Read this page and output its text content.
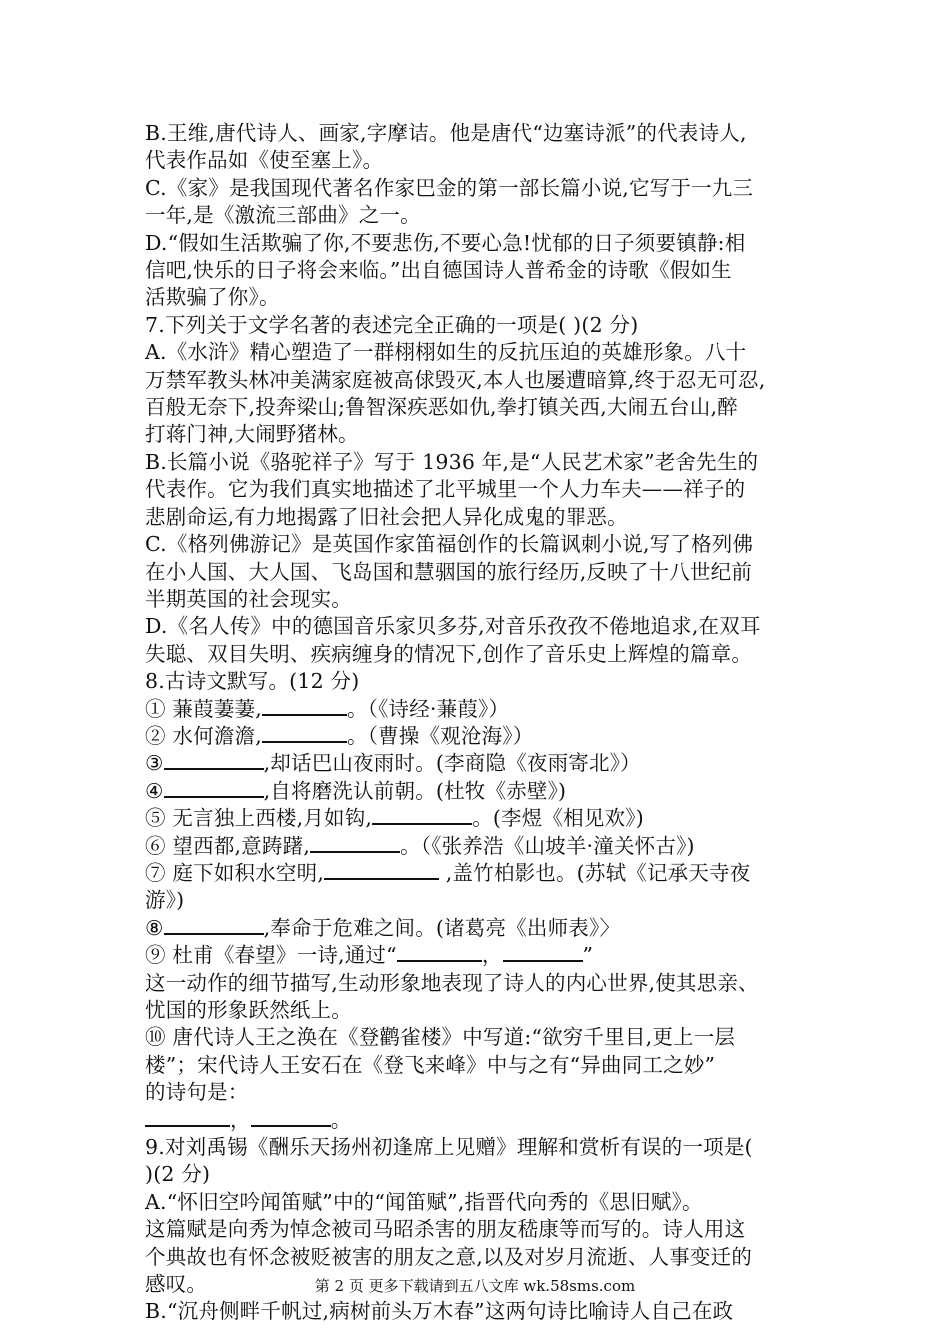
B.王维,唐代诗人、画家,字摩诘。他是唐代“边塞诗派”的代表诗人,
代表作品如《使至塞上》。
C.《家》是我国现代著名作家巴金的第一部长篇小说,它写于一九三
一年,是《激流三部曲》之一。
D.“假如生活欺骗了你,不要悲伤,不要心急!忧郁的日子须要镇静:相
信吧,快乐的日子将会来临。”出自德国诗人普希金的诗歌《假如生
活欺骗了你》。
7.下列关于文学名著的表述完全正确的一项是( )(2 分)
A.《水浒》精心塑造了一群栩栩如生的反抗压迫的英雄形象。八十
万禁军教头林冲美满家庭被高俅毁灭,本人也屡遭暗算,终于忍无可忍,
百般无奈下,投奔梁山;鲁智深疾恶如仇,拳打镇关西,大闹五台山,醉
打蒋门神,大闹野猪林。
B.长篇小说《骆驼祥子》写于 1936 年,是“人民艺术家”老舍先生的
代表作。它为我们真实地描述了北平城里一个人力车夫——祥子的
悲剧命运,有力地揭露了旧社会把人异化成鬼的罪恶。
C.《格列佛游记》是英国作家笛福创作的长篇讽刺小说,写了格列佛
在小人国、大人国、飞岛国和慧骃国的旅行经历,反映了十八世纪前
半期英国的社会现实。
D.《名人传》中的德国音乐家贝多芬,对音乐孜孜不倦地追求,在双耳
失聪、双目失明、疾病缠身的情况下,创作了音乐史上辉煌的篇章。
8.古诗文默写。(12 分)
① 蒹葭萋萋,	。（《诗经·蒹葭》）
② 水何澹澹,	。（曹操《观沧海》）
③	,却话巴山夜雨时。(李商隐《夜雨寄北》）
④	,自将磨洗认前朝。(杜牧《赤壁》)
⑤ 无言独上西楼,月如钩,	。(李煜《相见欢》)
⑥ 望西都,意踌躇,	。（《张养浩《山坡羊·潼关怀古》)
⑦ 庭下如积水空明,	,盖竹柏影也。(苏轼《记承天寺夜
游》)
⑧	,奉命于危难之间。(诸葛亮《出师表》〉
⑨ 杜甫《春望》一诗,通过“	，	”
这一动作的细节描写,生动形象地表现了诗人的内心世界,使其思亲、
忧国的形象跃然纸上。
⑩ 唐代诗人王之涣在《登鹳雀楼》中写道:“欲穷千里目,更上一层
楼”；宋代诗人王安石在《登飞来峰》中与之有“异曲同工之妙”
的诗句是：
，	。
9.对刘禹锡《酬乐天扬州初逢席上见赠》理解和赏析有误的一项是(
)(2 分)
A.“怀旧空吟闻笛赋”中的“闻笛赋”,指晋代向秀的《思旧赋》。
这篇赋是向秀为悼念被司马昭杀害的朋友嵇康等而写的。诗人用这
个典故也有怀念被贬被害的朋友之意,以及对岁月流逝、人事变迁的
感叹。
B.“沉舟侧畔千帆过,病树前头万木春”这两句诗比喻诗人自己在政
第 2 页 更多下载请到五八文库 wk.58sms.com
